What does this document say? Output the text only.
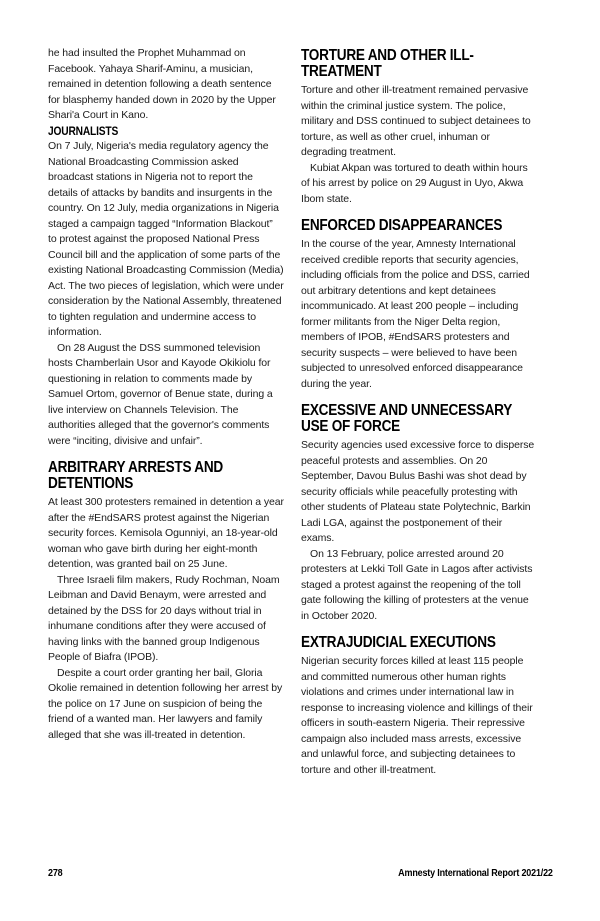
he had insulted the Prophet Muhammad on Facebook. Yahaya Sharif-Aminu, a musician, remained in detention following a death sentence for blasphemy handed down in 2020 by the Upper Shari'a Court in Kano.

JOURNALISTS

On 7 July, Nigeria's media regulatory agency the National Broadcasting Commission asked broadcast stations in Nigeria not to report the details of attacks by bandits and insurgents in the country. On 12 July, media organizations in Nigeria staged a campaign tagged “Information Blackout” to protest against the proposed National Press Council bill and the application of some parts of the existing National Broadcasting Commission (Media) Act. The two pieces of legislation, which were under consideration by the National Assembly, threatened to tighten regulation and undermine access to information.

On 28 August the DSS summoned television hosts Chamberlain Usor and Kayode Okikiolu for questioning in relation to comments made by Samuel Ortom, governor of Benue state, during a live interview on Channels Television. The authorities alleged that the governor's comments were “inciting, divisive and unfair”.

ARBITRARY ARRESTS AND DETENTIONS

At least 300 protesters remained in detention a year after the #EndSARS protest against the Nigerian security forces. Kemisola Ogunniyi, an 18-year-old woman who gave birth during her eight-month detention, was granted bail on 25 June.

Three Israeli film makers, Rudy Rochman, Noam Leibman and David Benaym, were arrested and detained by the DSS for 20 days without trial in inhumane conditions after they were accused of having links with the banned group Indigenous People of Biafra (IPOB).

Despite a court order granting her bail, Gloria Okolie remained in detention following her arrest by the police on 17 June on suspicion of being the friend of a wanted man. Her lawyers and family alleged that she was ill-treated in detention.

TORTURE AND OTHER ILL-TREATMENT

Torture and other ill-treatment remained pervasive within the criminal justice system. The police, military and DSS continued to subject detainees to torture, as well as other cruel, inhuman or degrading treatment.

Kubiat Akpan was tortured to death within hours of his arrest by police on 29 August in Uyo, Akwa Ibom state.

ENFORCED DISAPPEARANCES

In the course of the year, Amnesty International received credible reports that security agencies, including officials from the police and DSS, carried out arbitrary detentions and kept detainees incommunicado. At least 200 people – including former militants from the Niger Delta region, members of IPOB, #EndSARS protesters and security suspects – were believed to have been subjected to unresolved enforced disappearance during the year.

EXCESSIVE AND UNNECESSARY USE OF FORCE

Security agencies used excessive force to disperse peaceful protests and assemblies. On 20 September, Davou Bulus Bashi was shot dead by security officials while peacefully protesting with other students of Plateau state Polytechnic, Barkin Ladi LGA, against the postponement of their exams.

On 13 February, police arrested around 20 protesters at Lekki Toll Gate in Lagos after activists staged a protest against the reopening of the toll gate following the killing of protesters at the venue in October 2020.

EXTRAJUDICIAL EXECUTIONS

Nigerian security forces killed at least 115 people and committed numerous other human rights violations and crimes under international law in response to increasing violence and killings of their officers in south-eastern Nigeria. Their repressive campaign also included mass arrests, excessive and unlawful force, and subjecting detainees to torture and other ill-treatment.

278	Amnesty International Report 2021/22
